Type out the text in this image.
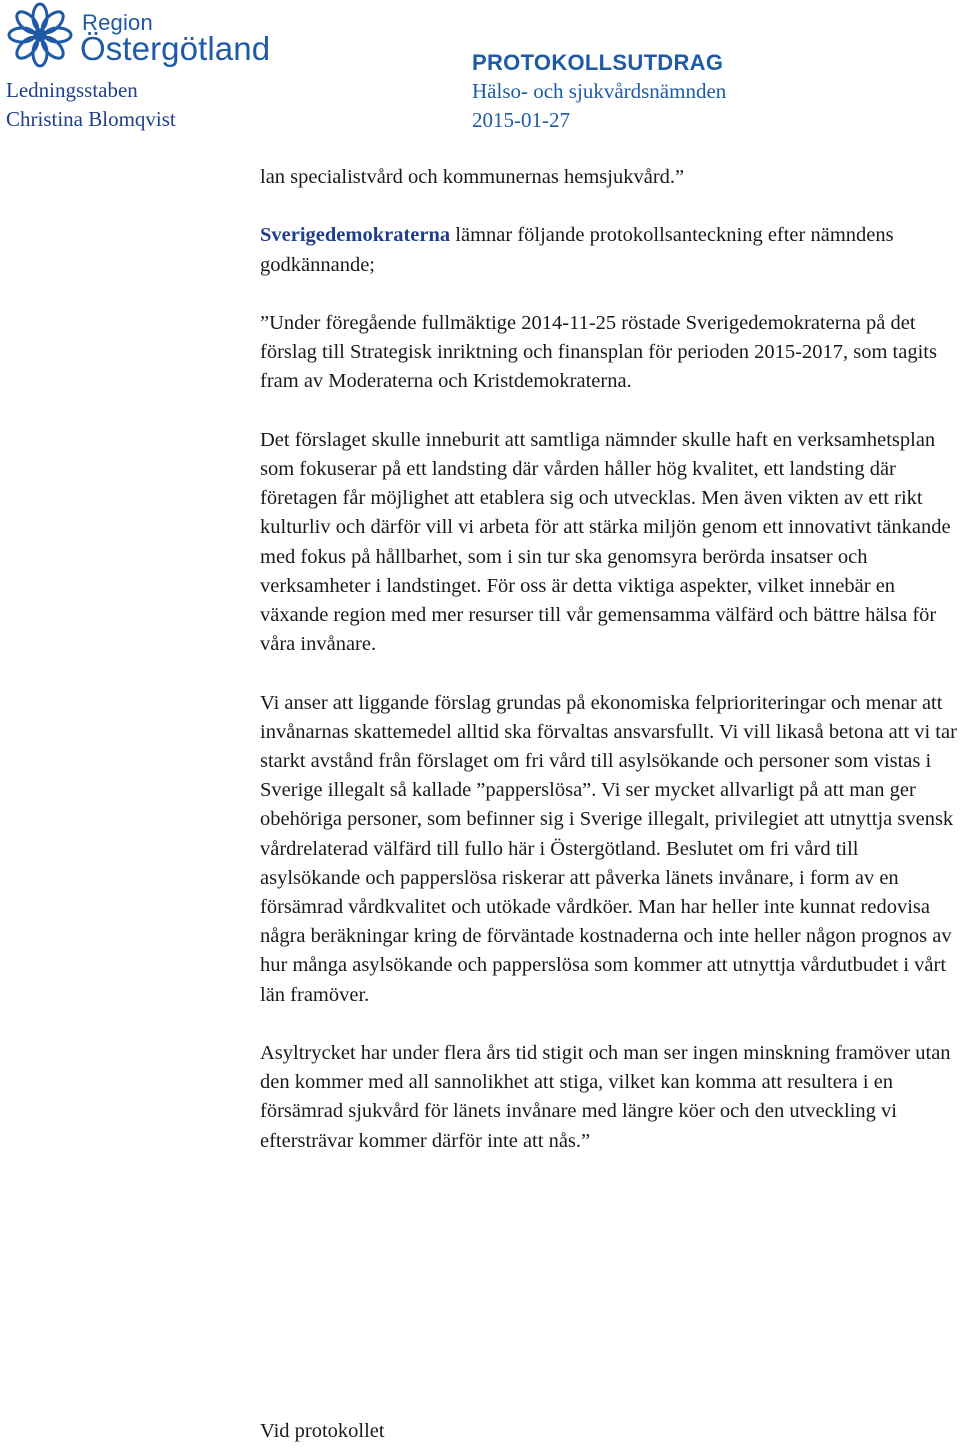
Region
Östergötland
Ledningsstaben
Christina Blomqvist
PROTOKOLLSUTDRAG
Hälso- och sjukvårdsnämnden
2015-01-27

lan specialistvård och kommunernas hemsjukvård.”

Sverigedemokraterna lämnar följande protokollsanteckning efter nämndens godkännande;

”Under föregående fullmäktige 2014-11-25 röstade Sverigedemokraterna på det förslag till Strategisk inriktning och finansplan för perioden 2015-2017, som tagits fram av Moderaterna och Kristdemokraterna.

Det förslaget skulle inneburit att samtliga nämnder skulle haft en verksamhetsplan som fokuserar på ett landsting där vården håller hög kvalitet, ett landsting där företagen får möjlighet att etablera sig och utvecklas. Men även vikten av ett rikt kulturliv och därför vill vi arbeta för att stärka miljön genom ett innovativt tänkande med fokus på hållbarhet, som i sin tur ska genomsyra berörda insatser och verksamheter i landstinget. För oss är detta viktiga aspekter, vilket innebär en växande region med mer resurser till vår gemensamma välfärd och bättre hälsa för våra invånare.

Vi anser att liggande förslag grundas på ekonomiska felprioriteringar och menar att invånarnas skattemedel alltid ska förvaltas ansvarsfullt. Vi vill likaså betona att vi tar starkt avstånd från förslaget om fri vård till asylsökande och personer som vistas i Sverige illegalt så kallade ”papperslösa”. Vi ser mycket allvarligt på att man ger obehöriga personer, som befinner sig i Sverige illegalt, privilegiet att utnyttja svensk vårdrelaterad välfärd till fullo här i Östergötland. Beslutet om fri vård till asylsökande och papperslösa riskerar att påverka länets invånare, i form av en försämrad vårdkvalitet och utökade vårdköer. Man har heller inte kunnat redovisa några beräkningar kring de förväntade kostnaderna och inte heller någon prognos av hur många asylsökande och papperslösa som kommer att utnyttja vårdutbudet i vårt län framöver.

Asyltrycket har under flera års tid stigit och man ser ingen minskning framöver utan den kommer med all sannolikhet att stiga, vilket kan komma att resultera i en försämrad sjukvård för länets invånare med längre köer och den utveckling vi eftersträvar kommer därför inte att nås.”

Vid protokollet
